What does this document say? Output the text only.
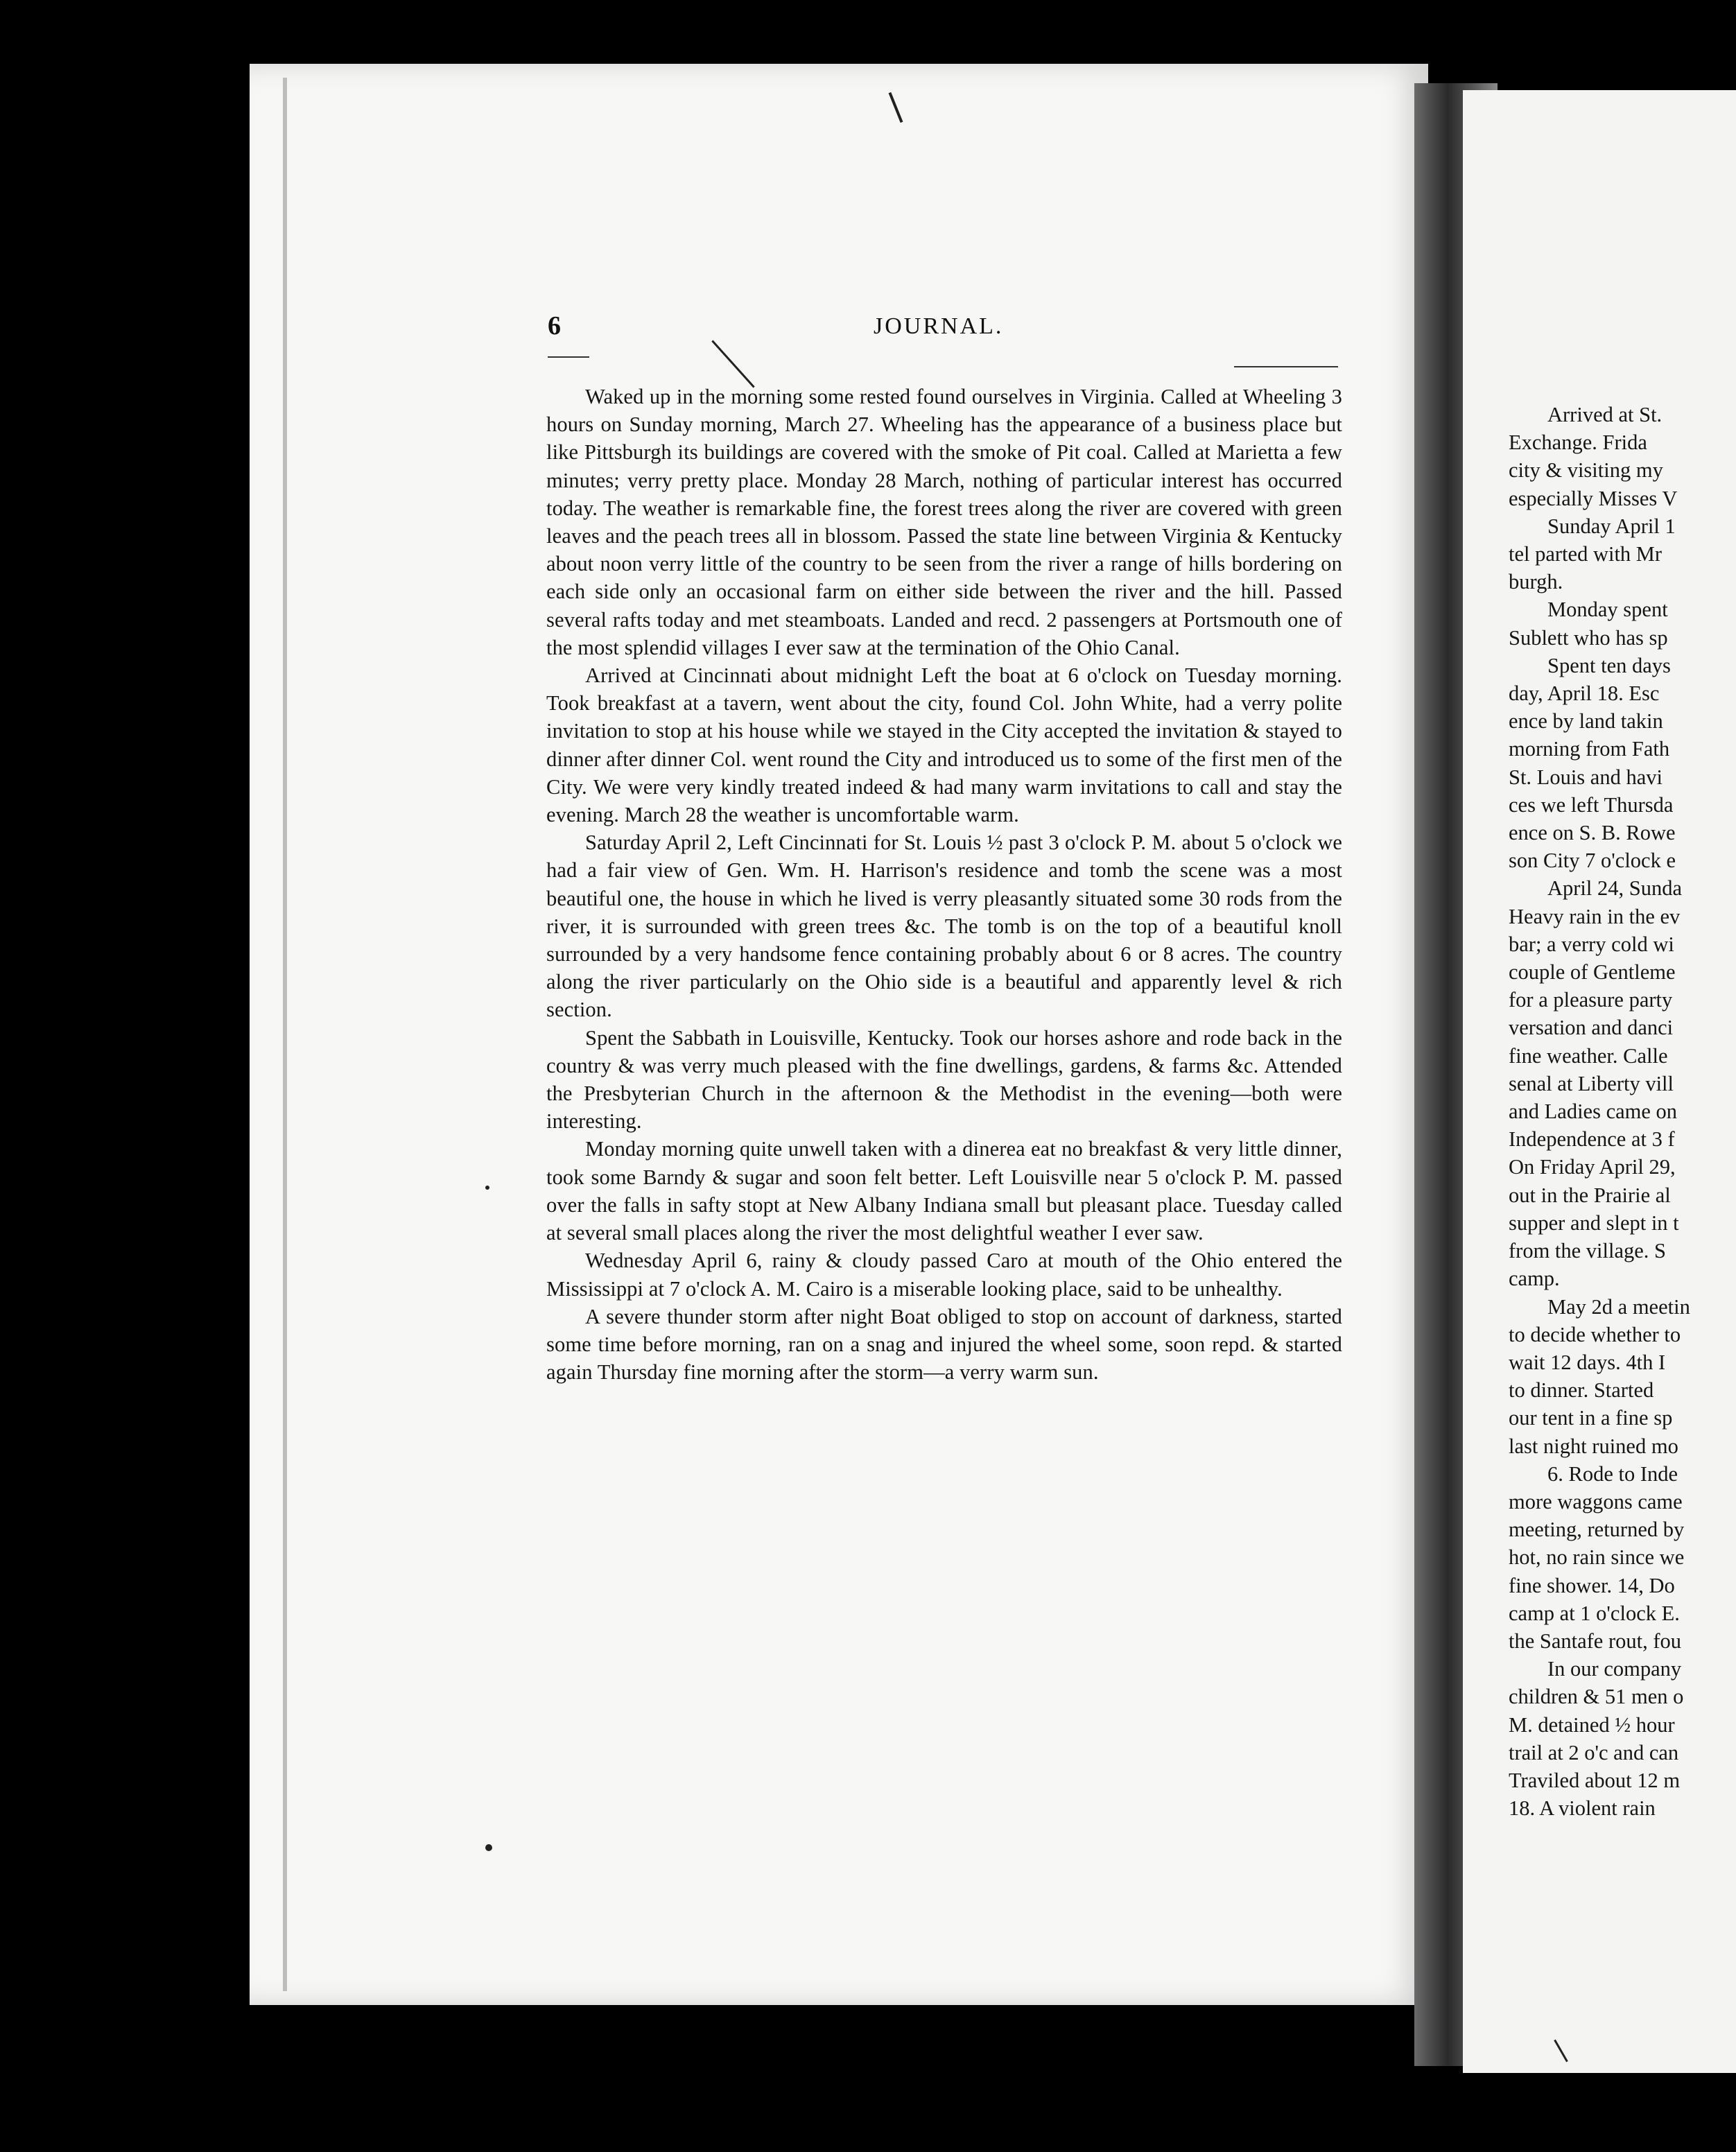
6	JOURNAL.

Waked up in the morning some rested found ourselves in Virginia. Called at Wheeling 3 hours on Sunday morning, March 27. Wheeling has the appearance of a business place but like Pittsburgh its buildings are covered with the smoke of Pit coal. Called at Marietta a few minutes; verry pretty place. Monday 28 March, nothing of particular interest has occurred today. The weather is remarkable fine, the forest trees along the river are covered with green leaves and the peach trees all in blossom. Passed the state line between Virginia & Kentucky about noon verry little of the country to be seen from the river a range of hills bordering on each side only an occasional farm on either side between the river and the hill. Passed several rafts today and met steamboats. Landed and recd. 2 passengers at Portsmouth one of the most splendid villages I ever saw at the termination of the Ohio Canal.

Arrived at Cincinnati about midnight Left the boat at 6 o'clock on Tuesday morning. Took breakfast at a tavern, went about the city, found Col. John White, had a verry polite invitation to stop at his house while we stayed in the City accepted the invitation & stayed to dinner after dinner Col. went round the City and introduced us to some of the first men of the City. We were very kindly treated indeed & had many warm invitations to call and stay the evening. March 28 the weather is uncomfortable warm.

Saturday April 2, Left Cincinnati for St. Louis ½ past 3 o'clock P. M. about 5 o'clock we had a fair view of Gen. Wm. H. Harrison's residence and tomb the scene was a most beautiful one, the house in which he lived is verry pleasantly situated some 30 rods from the river, it is surrounded with green trees &c. The tomb is on the top of a beautiful knoll surrounded by a very handsome fence containing probably about 6 or 8 acres. The country along the river particularly on the Ohio side is a beautiful and apparently level & rich section.

Spent the Sabbath in Louisville, Kentucky. Took our horses ashore and rode back in the country & was verry much pleased with the fine dwellings, gardens, & farms &c. Attended the Presbyterian Church in the afternoon & the Methodist in the evening—both were interesting.

Monday morning quite unwell taken with a dinerea eat no breakfast & very little dinner, took some Barndy & sugar and soon felt better. Left Louisville near 5 o'clock P. M. passed over the falls in safty stopt at New Albany Indiana small but pleasant place. Tuesday called at several small places along the river the most delightful weather I ever saw.

Wednesday April 6, rainy & cloudy passed Caro at mouth of the Ohio entered the Mississippi at 7 o'clock A. M. Cairo is a miserable looking place, said to be unhealthy.

A severe thunder storm after night Boat obliged to stop on account of darkness, started some time before morning, ran on a snag and injured the wheel some, soon repd. & started again Thursday fine morning after the storm—a verry warm sun.

Arrived at St.
Exchange. Frida
city & visiting my
especially Misses V
Sunday April 1
tel parted with Mr
burgh.
Monday spent
Sublett who has sp
Spent ten days
day, April 18. Esc
ence by land takin
morning from Fath
St. Louis and havi
ces we left Thursda
ence on S. B. Rowe
son City 7 o'clock e
April 24, Sunda
Heavy rain in the ev
bar; a verry cold wi
couple of Gentleme
for a pleasure party
versation and danci
fine weather. Calle
senal at Liberty vill
and Ladies came on
Independence at 3 f
On Friday April 29,
out in the Prairie al
supper and slept in t
from the village. S
camp.
May 2d a meetin
to decide whether to
wait 12 days. 4th I
to dinner. Started
our tent in a fine sp
last night ruined mo
6. Rode to Inde
more waggons came
meeting, returned by
hot, no rain since we
fine shower. 14, Do
camp at 1 o'clock E.
the Santafe rout, fou
In our company
children & 51 men o
M. detained ½ hour
trail at 2 o'c and can
Traviled about 12 m
18. A violent rain
